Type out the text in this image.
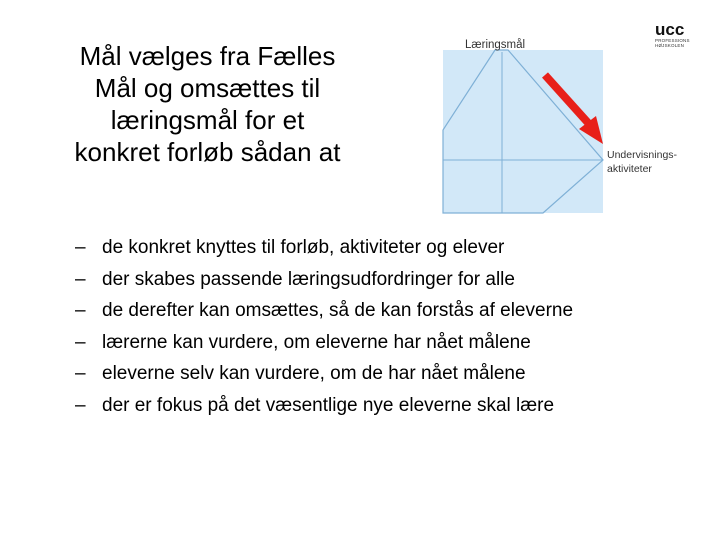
Mål vælges fra Fælles
Mål og omsættes til
læringsmål for et
konkret forløb sådan at
Læringsmål
Undervisnings-
aktiviteter
ucc
PROFESSIONS
HØJSKOLEN
– de konkret knyttes til forløb, aktiviteter og elever
– der skabes passende læringsudfordringer for alle
– de derefter kan omsættes, så de kan forstås af eleverne
– lærerne kan vurdere, om eleverne har nået målene
– eleverne selv kan vurdere, om de har nået målene
– der er fokus på det væsentlige nye eleverne skal lære
